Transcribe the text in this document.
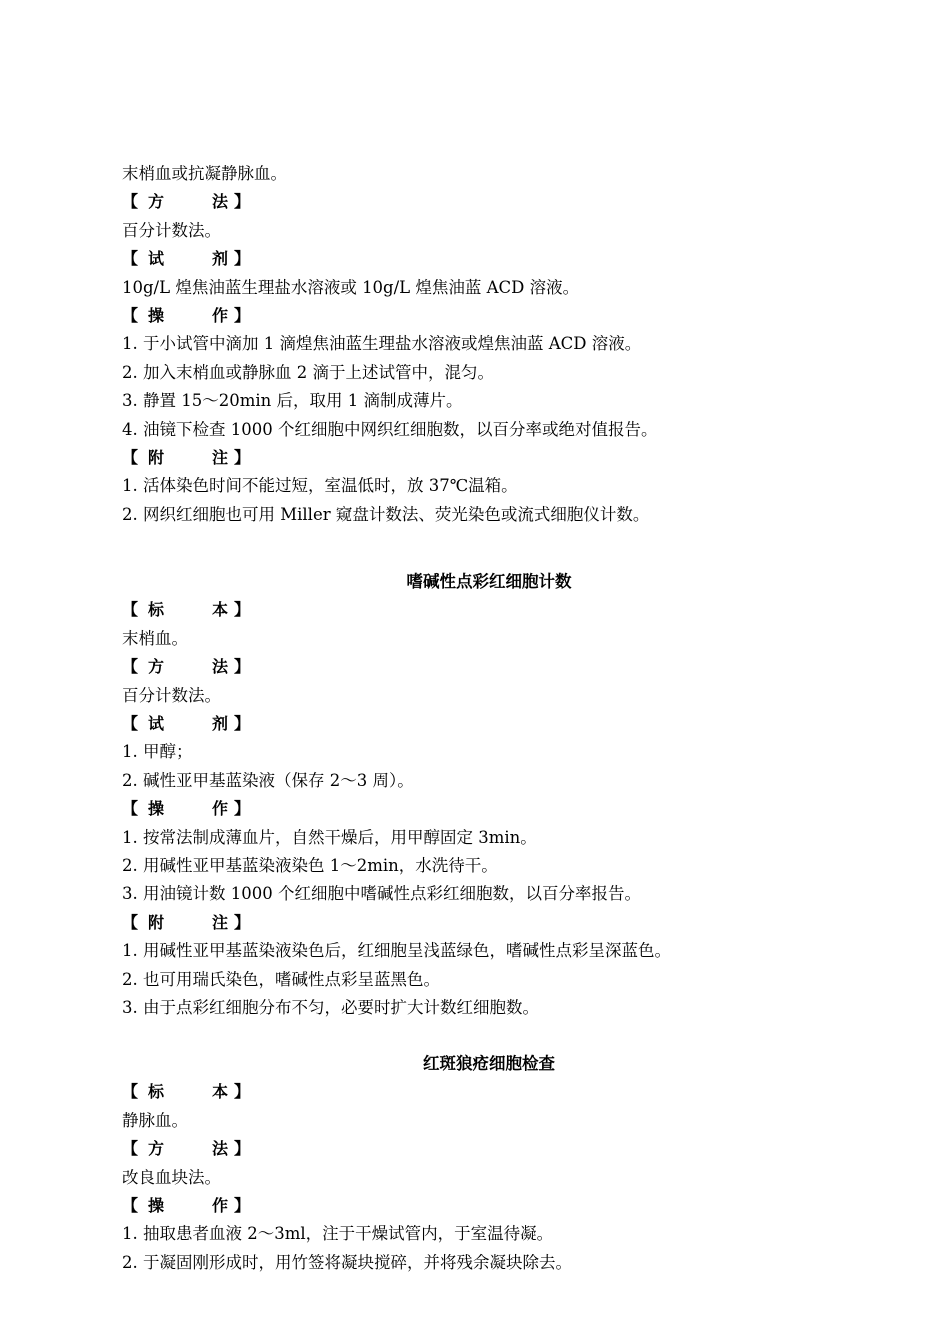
末梢血或抗凝静脉血。
【 方	法 】
百分计数法。
【 试	剂 】
10g/L 煌焦油蓝生理盐水溶液或 10g/L 煌焦油蓝 ACD 溶液。
【 操	作 】
1. 于小试管中滴加 1 滴煌焦油蓝生理盐水溶液或煌焦油蓝 ACD 溶液。
2. 加入末梢血或静脉血 2 滴于上述试管中，混匀。
3. 静置 15～20min 后，取用 1 滴制成薄片。
4. 油镜下检查 1000 个红细胞中网织红细胞数，以百分率或绝对值报告。
【 附	注 】
1. 活体染色时间不能过短，室温低时，放 37℃温箱。
2. 网织红细胞也可用 Miller 窥盘计数法、荧光染色或流式细胞仪计数。
嗜碱性点彩红细胞计数
【 标	本 】
末梢血。
【 方	法 】
百分计数法。
【 试	剂 】
1. 甲醇；
2. 碱性亚甲基蓝染液（保存 2～3 周）。
【 操	作 】
1. 按常法制成薄血片，自然干燥后，用甲醇固定 3min。
2. 用碱性亚甲基蓝染液染色 1～2min，水洗待干。
3. 用油镜计数 1000 个红细胞中嗜碱性点彩红细胞数，以百分率报告。
【 附	注 】
1. 用碱性亚甲基蓝染液染色后，红细胞呈浅蓝绿色，嗜碱性点彩呈深蓝色。
2. 也可用瑞氏染色，嗜碱性点彩呈蓝黑色。
3. 由于点彩红细胞分布不匀，必要时扩大计数红细胞数。
红斑狼疮细胞检查
【 标	本 】
静脉血。
【 方	法 】
改良血块法。
【 操	作 】
1. 抽取患者血液 2～3ml，注于干燥试管内，于室温待凝。
2. 于凝固刚形成时，用竹签将凝块搅碎，并将残余凝块除去。
